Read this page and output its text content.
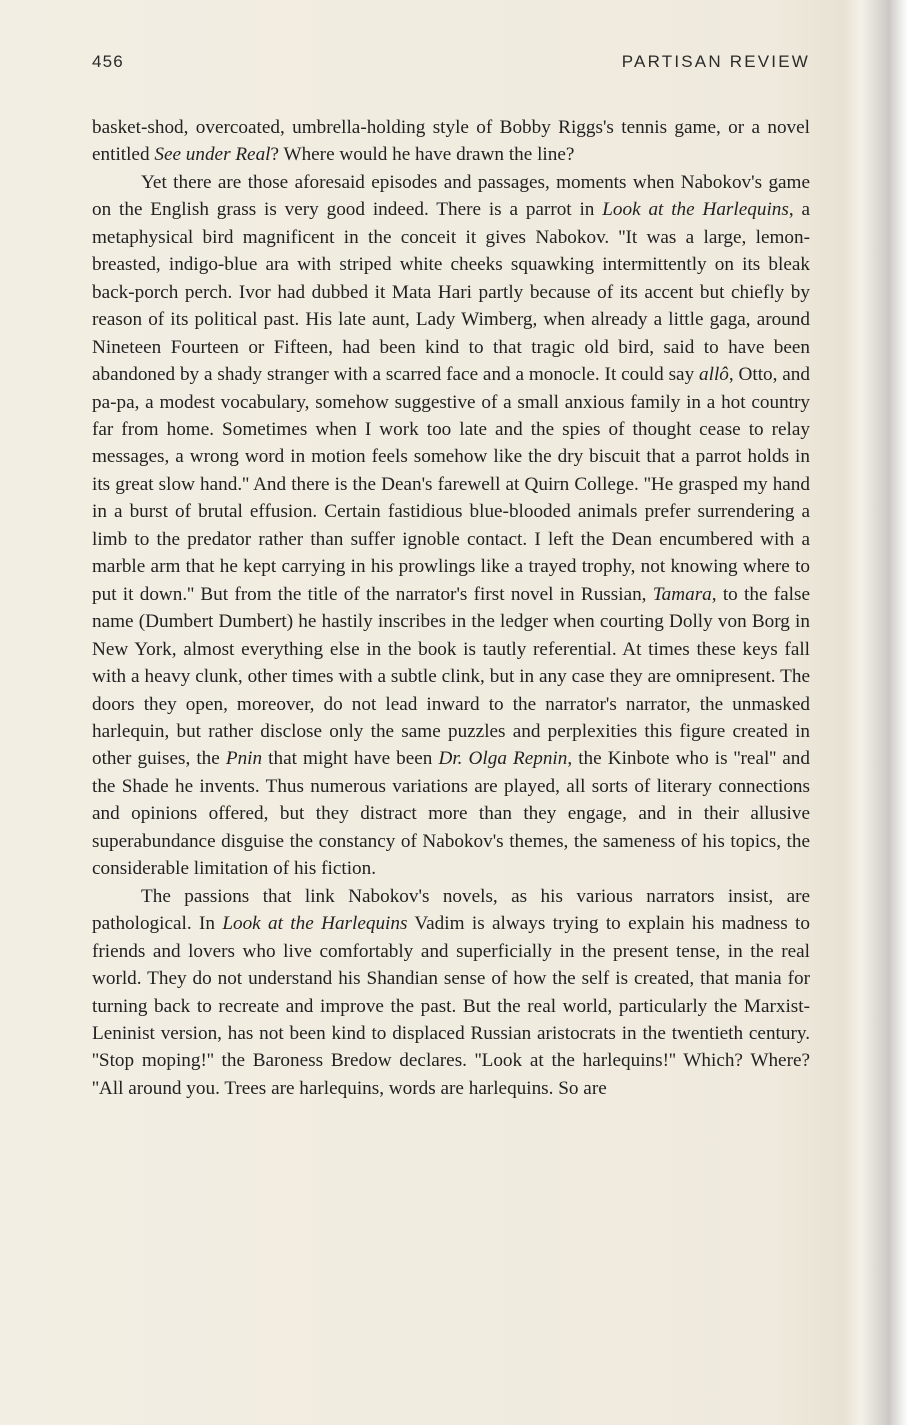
456	PARTISAN REVIEW

basket-shod, overcoated, umbrella-holding style of Bobby Riggs's tennis game, or a novel entitled See under Real? Where would he have drawn the line?

Yet there are those aforesaid episodes and passages, moments when Nabokov's game on the English grass is very good indeed. There is a parrot in Look at the Harlequins, a metaphysical bird magnificent in the conceit it gives Nabokov. ''It was a large, lemon-breasted, indigo-blue ara with striped white cheeks squawking intermittently on its bleak back-porch perch. Ivor had dubbed it Mata Hari partly because of its accent but chiefly by reason of its political past. His late aunt, Lady Wimberg, when already a little gaga, around Nineteen Fourteen or Fifteen, had been kind to that tragic old bird, said to have been abandoned by a shady stranger with a scarred face and a monocle. It could say allô, Otto, and pa-pa, a modest vocabulary, somehow suggestive of a small anxious family in a hot country far from home. Sometimes when I work too late and the spies of thought cease to relay messages, a wrong word in motion feels somehow like the dry biscuit that a parrot holds in its great slow hand.'' And there is the Dean's farewell at Quirn College. ''He grasped my hand in a burst of brutal effusion. Certain fastidious blue-blooded animals prefer surrendering a limb to the predator rather than suffer ignoble contact. I left the Dean encumbered with a marble arm that he kept carrying in his prowlings like a trayed trophy, not knowing where to put it down.'' But from the title of the narrator's first novel in Russian, Tamara, to the false name (Dumbert Dumbert) he hastily inscribes in the ledger when courting Dolly von Borg in New York, almost everything else in the book is tautly referential. At times these keys fall with a heavy clunk, other times with a subtle clink, but in any case they are omnipresent. The doors they open, moreover, do not lead inward to the narrator's narrator, the unmasked harlequin, but rather disclose only the same puzzles and perplexities this figure created in other guises, the Pnin that might have been Dr. Olga Repnin, the Kinbote who is ''real'' and the Shade he invents. Thus numerous variations are played, all sorts of literary connections and opinions offered, but they distract more than they engage, and in their allusive superabundance disguise the constancy of Nabokov's themes, the sameness of his topics, the considerable limitation of his fiction.

The passions that link Nabokov's novels, as his various narrators insist, are pathological. In Look at the Harlequins Vadim is always trying to explain his madness to friends and lovers who live comfortably and superficially in the present tense, in the real world. They do not understand his Shandian sense of how the self is created, that mania for turning back to recreate and improve the past. But the real world, particularly the Marxist-Leninist version, has not been kind to displaced Russian aristocrats in the twentieth century. ''Stop moping!'' the Baroness Bredow declares. ''Look at the harlequins!'' Which? Where? ''All around you. Trees are harlequins, words are harlequins. So are
